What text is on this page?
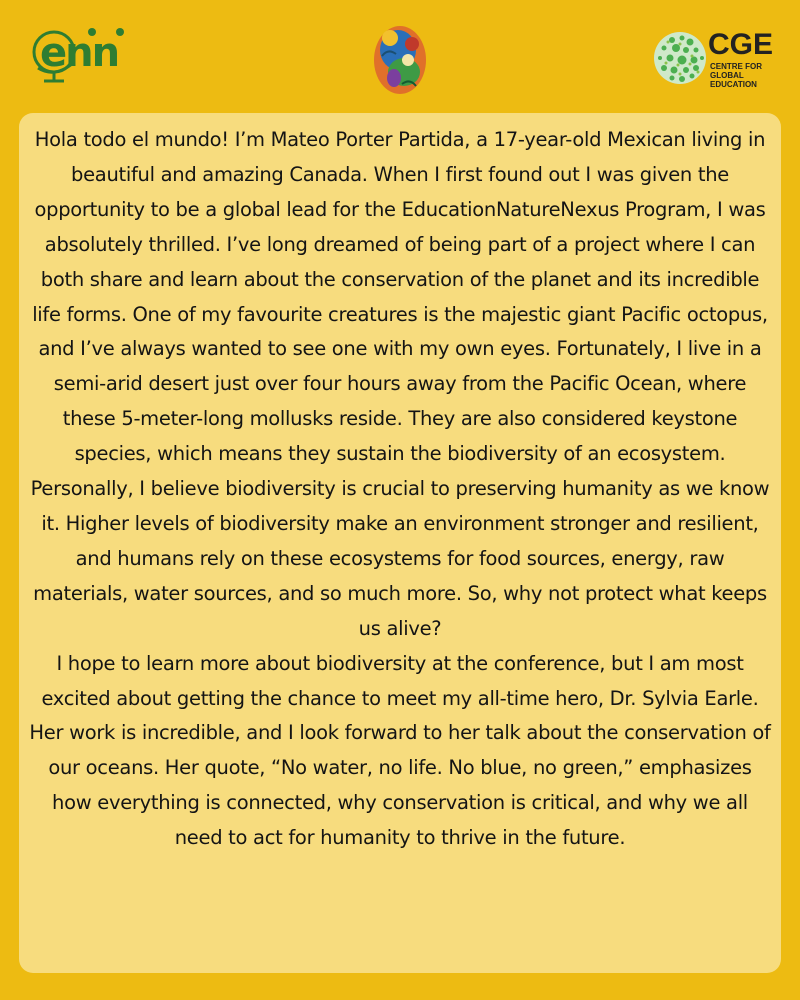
enn	CGE
CENTRE FOR GLOBAL EDUCATION

Hola todo el mundo! I’m Mateo Porter Partida, a 17-year-old Mexican living in beautiful and amazing Canada. When I first found out I was given the opportunity to be a global lead for the EducationNatureNexus Program, I was absolutely thrilled. I’ve long dreamed of being part of a project where I can both share and learn about the conservation of the planet and its incredible life forms. One of my favourite creatures is the majestic giant Pacific octopus, and I’ve always wanted to see one with my own eyes. Fortunately, I live in a semi-arid desert just over four hours away from the Pacific Ocean, where these 5-meter-long mollusks reside. They are also considered keystone species, which means they sustain the biodiversity of an ecosystem. Personally, I believe biodiversity is crucial to preserving humanity as we know it. Higher levels of biodiversity make an environment stronger and resilient, and humans rely on these ecosystems for food sources, energy, raw materials, water sources, and so much more. So, why not protect what keeps us alive?

I hope to learn more about biodiversity at the conference, but I am most excited about getting the chance to meet my all-time hero, Dr. Sylvia Earle. Her work is incredible, and I look forward to her talk about the conservation of our oceans. Her quote, “No water, no life. No blue, no green,” emphasizes how everything is connected, why conservation is critical, and why we all need to act for humanity to thrive in the future.
